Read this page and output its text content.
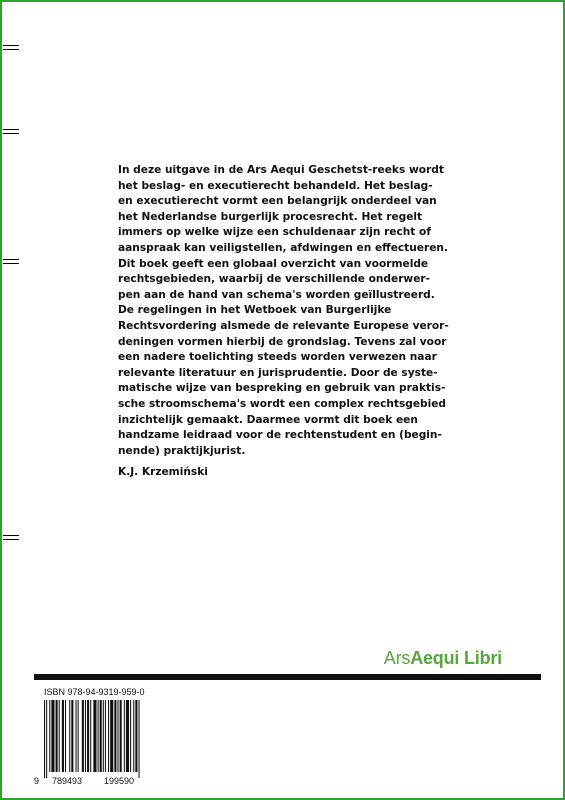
In deze uitgave in de Ars Aequi Geschetst-reeks wordt
het beslag- en executierecht behandeld. Het beslag-
en executierecht vormt een belangrijk onderdeel van
het Nederlandse burgerlijk procesrecht. Het regelt
immers op welke wijze een schuldenaar zijn recht of
aanspraak kan veiligstellen, afdwingen en effectueren.
Dit boek geeft een globaal overzicht van voormelde
rechtsgebieden, waarbij de verschillende onderwer-
pen aan de hand van schema's worden geïllustreerd.
De regelingen in het Wetboek van Burgerlijke
Rechtsvordering alsmede de relevante Europese veror-
deningen vormen hierbij de grondslag. Tevens zal voor
een nadere toelichting steeds worden verwezen naar
relevante literatuur en jurisprudentie. Door de syste-
matische wijze van bespreking en gebruik van praktis-
sche stroomschema's wordt een complex rechtsgebied
inzichtelijk gemaakt. Daarmee vormt dit boek een
handzame leidraad voor de rechtenstudent en (begin-
nende) praktijkjurist.
K.J. Krzemiński
ArsAequi Libri
ISBN 978-94-9319-959-0
9 789493 199590
